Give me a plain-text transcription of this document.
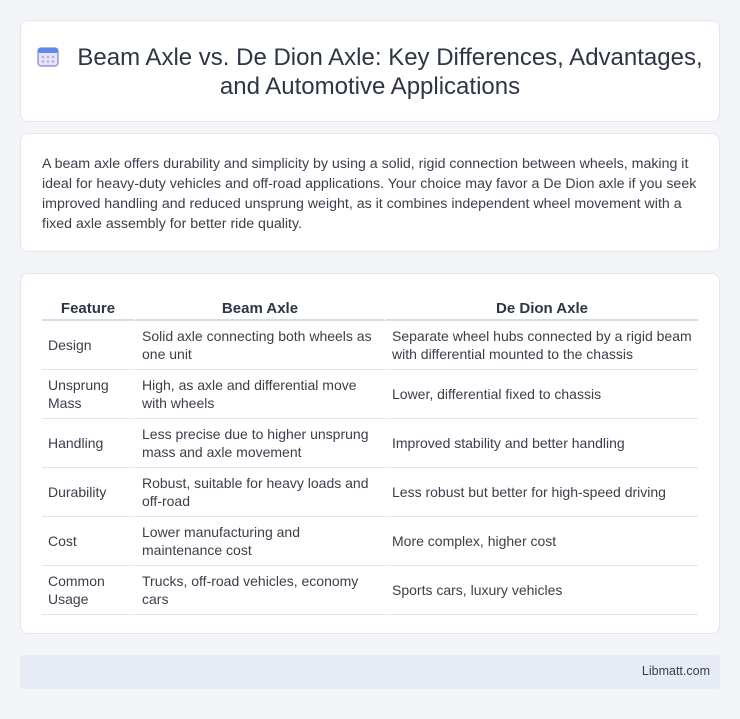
Beam Axle vs. De Dion Axle: Key Differences, Advantages, and Automotive Applications

A beam axle offers durability and simplicity by using a solid, rigid connection between wheels, making it ideal for heavy-duty vehicles and off-road applications. Your choice may favor a De Dion axle if you seek improved handling and reduced unsprung weight, as it combines independent wheel movement with a fixed axle assembly for better ride quality.

Feature	Beam Axle	De Dion Axle
Design	Solid axle connecting both wheels as one unit	Separate wheel hubs connected by a rigid beam with differential mounted to the chassis
Unsprung Mass	High, as axle and differential move with wheels	Lower, differential fixed to chassis
Handling	Less precise due to higher unsprung mass and axle movement	Improved stability and better handling
Durability	Robust, suitable for heavy loads and off-road	Less robust but better for high-speed driving
Cost	Lower manufacturing and maintenance cost	More complex, higher cost
Common Usage	Trucks, off-road vehicles, economy cars	Sports cars, luxury vehicles
Libmatt.com
